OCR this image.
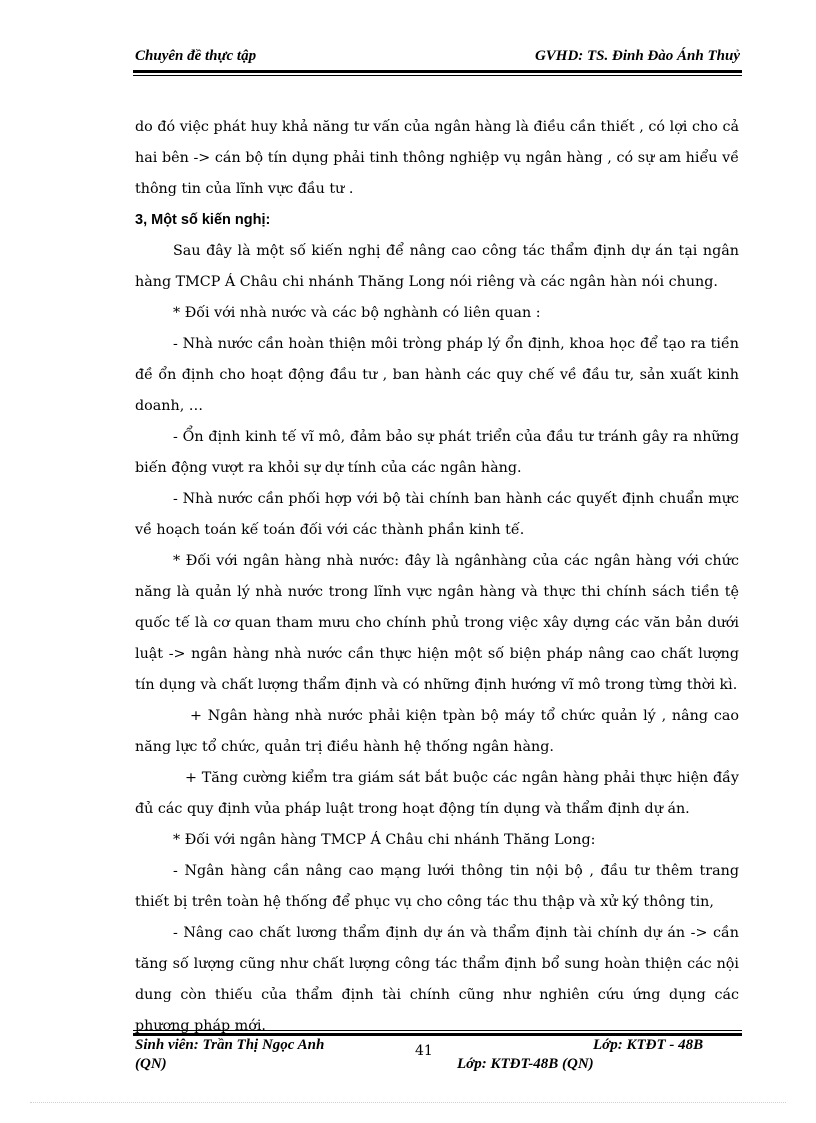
Chuyên đề thực tập	GVHD: TS. Đinh Đào Ánh Thuỷ

do đó việc phát huy khả năng tư vấn của ngân hàng là điều cần thiết , có lợi cho cả hai bên -> cán bộ tín dụng phải tinh thông nghiệp vụ ngân hàng , có sự am hiểu về thông tin của lĩnh vực đầu tư .

3, Một số kiến nghị:

Sau đây là một số kiến nghị để nâng cao công tác thẩm định dự án tại ngân hàng TMCP Á Châu chi nhánh Thăng Long nói riêng và các ngân hàn nói chung.

* Đối với nhà nước và các bộ nghành có liên quan :

- Nhà nước cần hoàn thiện môi tròng pháp lý ổn định, khoa học để tạo ra tiền đề ổn định cho hoạt động đầu tư , ban hành các quy chế về đầu tư, sản xuất kinh doanh, …

- Ổn định kinh tế vĩ mô, đảm bảo sự phát triển của đầu tư tránh gây ra những biến động vượt ra khỏi sự dự tính của các ngân hàng.

- Nhà nước cần phối hợp với bộ tài chính ban hành các quyết định chuẩn mực về hoạch toán kế toán đối với các thành phần kinh tế.

* Đối với ngân hàng nhà nước: đây là ngânhàng của các ngân hàng với chức năng là quản lý nhà nước trong lĩnh vực ngân hàng và thực thi chính sách tiền tệ quốc tế là cơ quan tham mưu cho chính phủ trong việc xây dựng các văn bản dưới luật -> ngân hàng nhà nước cần thực hiện một số biện pháp nâng cao chất lượng tín dụng và chất lượng thẩm định và có những định hướng vĩ mô trong từng thời kì.

+ Ngân hàng nhà nước phải kiện tpàn bộ máy tổ chức quản lý , nâng cao năng lực tổ chức, quản trị điều hành hệ thống ngân hàng.

+ Tăng cường kiểm tra giám sát bắt buộc các ngân hàng phải thực hiện đầy đủ các quy định vủa pháp luật trong hoạt động tín dụng và thẩm định dự án.

* Đối với ngân hàng TMCP Á Châu chi nhánh Thăng Long:

- Ngân hàng cần nâng cao mạng lưới thông tin nội bộ , đầu tư thêm trang thiết bị trên toàn hệ thống để phục vụ cho công tác thu thập và xử ký thông tin,

- Nâng cao chất lương thẩm định dự án và thẩm định tài chính dự án -> cần tăng số lượng cũng như chất lượng công tác thẩm định bổ sung hoàn thiện các nội dung còn thiếu của thẩm định tài chính cũng như nghiên cứu ứng dụng các phương pháp mới.

Sinh viên: Trần Thị Ngọc Anh
(QN)
41	Lớp: KTĐT - 48B
Lớp: KTĐT-48B (QN)
